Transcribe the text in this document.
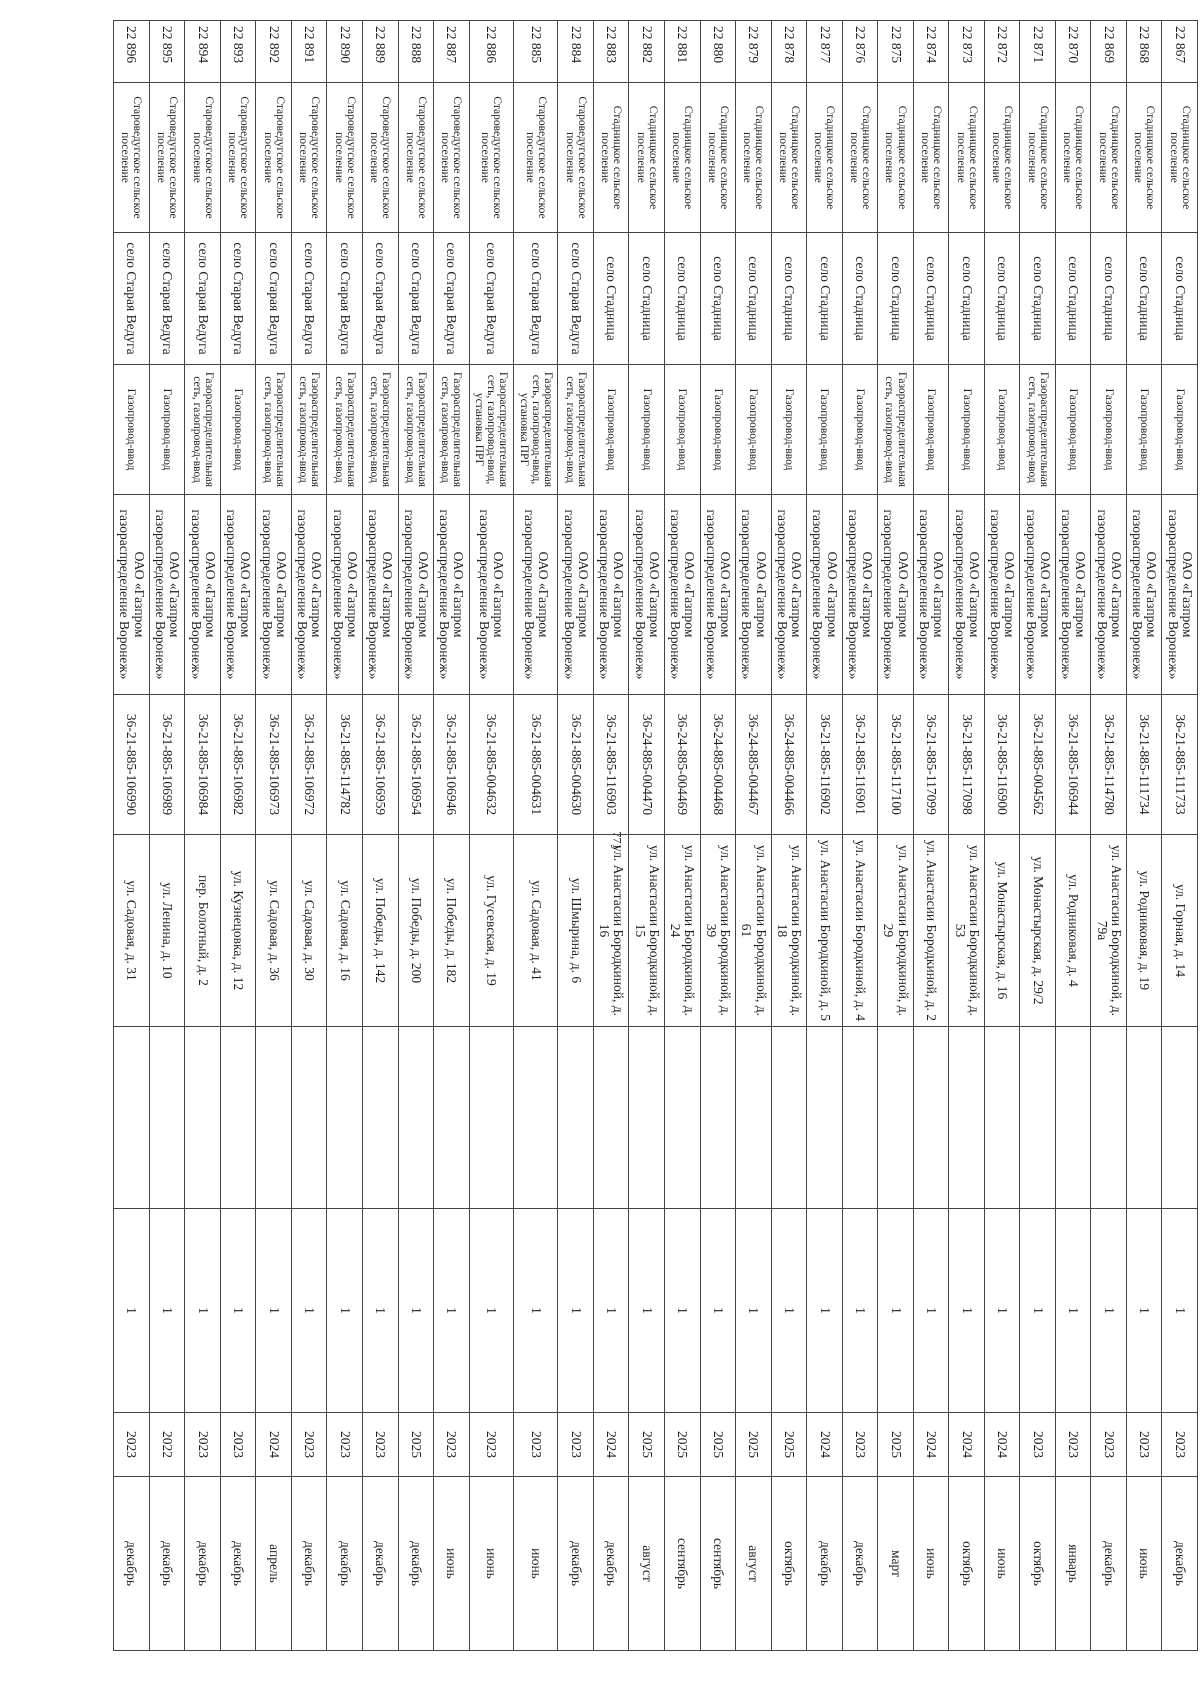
771
22 867	Стадницкое сельское поселение	село Стадница	Газопровод-ввод	ОАО «Газпром газораспределение Воронеж»	36-21-885-111733	ул. Горная, д. 14		1	2023	декабрь
22 868	Стадницкое сельское поселение	село Стадница	Газопровод-ввод	ОАО «Газпром газораспределение Воронеж»	36-21-885-111734	ул. Родниковая, д. 19		1	2023	июнь
22 869	Стадницкое сельское поселение	село Стадница	Газопровод-ввод	ОАО «Газпром газораспределение Воронеж»	36-21-885-114780	ул. Анастасии Бородкиной, д. 79а		1	2023	декабрь
22 870	Стадницкое сельское поселение	село Стадница	Газопровод-ввод	ОАО «Газпром газораспределение Воронеж»	36-21-885-106944	ул. Родниковая, д. 4		1	2023	январь
22 871	Стадницкое сельское поселение	село Стадница	Газораспределительная сеть, газопровод-ввод	ОАО «Газпром газораспределение Воронеж»	36-21-885-004562	ул. Монастырская, д. 29/2		1	2023	октябрь
22 872	Стадницкое сельское поселение	село Стадница	Газопровод-ввод	ОАО «Газпром газораспределение Воронеж»	36-21-885-116900	ул. Монастырская, д. 16		1	2024	июнь
22 873	Стадницкое сельское поселение	село Стадница	Газопровод-ввод	ОАО «Газпром газораспределение Воронеж»	36-21-885-117098	ул. Анастасии Бородкиной, д. 53		1	2024	октябрь
22 874	Стадницкое сельское поселение	село Стадница	Газопровод-ввод	ОАО «Газпром газораспределение Воронеж»	36-21-885-117099	ул. Анастасии Бородкиной, д. 2		1	2024	июнь
22 875	Стадницкое сельское поселение	село Стадница	Газораспределительная сеть, газопровод-ввод	ОАО «Газпром газораспределение Воронеж»	36-21-885-117100	ул. Анастасии Бородкиной, д. 29		1	2025	март
22 876	Стадницкое сельское поселение	село Стадница	Газопровод-ввод	ОАО «Газпром газораспределение Воронеж»	36-21-885-116901	ул. Анастасии Бородкиной, д. 4		1	2023	декабрь
22 877	Стадницкое сельское поселение	село Стадница	Газопровод-ввод	ОАО «Газпром газораспределение Воронеж»	36-21-885-116902	ул. Анастасии Бородкиной, д. 5		1	2024	декабрь
22 878	Стадницкое сельское поселение	село Стадница	Газопровод-ввод	ОАО «Газпром газораспределение Воронеж»	36-24-885-004466	ул. Анастасии Бородкиной, д. 18		1	2025	октябрь
22 879	Стадницкое сельское поселение	село Стадница	Газопровод-ввод	ОАО «Газпром газораспределение Воронеж»	36-24-885-004467	ул. Анастасии Бородкиной, д. 61		1	2025	август
22 880	Стадницкое сельское поселение	село Стадница	Газопровод-ввод	ОАО «Газпром газораспределение Воронеж»	36-24-885-004468	ул. Анастасии Бородкиной, д. 39		1	2025	сентябрь
22 881	Стадницкое сельское поселение	село Стадница	Газопровод-ввод	ОАО «Газпром газораспределение Воронеж»	36-24-885-004469	ул. Анастасии Бородкиной, д. 24		1	2025	сентябрь
22 882	Стадницкое сельское поселение	село Стадница	Газопровод-ввод	ОАО «Газпром газораспределение Воронеж»	36-24-885-004470	ул. Анастасии Бородкиной, д. 15		1	2025	август
22 883	Стадницкое сельское поселение	село Стадница	Газопровод-ввод	ОАО «Газпром газораспределение Воронеж»	36-21-885-116903	ул. Анастасии Бородкиной, д. 16		1	2024	декабрь
22 884	Староведугское сельское поселение	село Старая Ведуга	Газораспределительная сеть, газопровод-ввод	ОАО «Газпром газораспределение Воронеж»	36-21-885-004630	ул. Шмырина, д. 6		1	2023	декабрь
22 885	Староведугское сельское поселение	село Старая Ведуга	Газораспределительная сеть, газопровод-ввод, установка ПРГ	ОАО «Газпром газораспределение Воронеж»	36-21-885-004631	ул. Садовая, д. 41		1	2023	июнь
22 886	Староведугское сельское поселение	село Старая Ведуга	Газораспределительная сеть, газопровод-ввод, установка ПРГ	ОАО «Газпром газораспределение Воронеж»	36-21-885-004632	ул. Гусевская, д. 19		1	2023	июнь
22 887	Староведугское сельское поселение	село Старая Ведуга	Газораспределительная сеть, газопровод-ввод	ОАО «Газпром газораспределение Воронеж»	36-21-885-106946	ул. Победы, д. 182		1	2023	июнь
22 888	Староведугское сельское поселение	село Старая Ведуга	Газораспределительная сеть, газопровод-ввод	ОАО «Газпром газораспределение Воронеж»	36-21-885-106954	ул. Победы, д. 200		1	2025	декабрь
22 889	Староведугское сельское поселение	село Старая Ведуга	Газораспределительная сеть, газопровод-ввод	ОАО «Газпром газораспределение Воронеж»	36-21-885-106959	ул. Победы, д. 142		1	2023	декабрь
22 890	Староведугское сельское поселение	село Старая Ведуга	Газораспределительная сеть, газопровод-ввод	ОАО «Газпром газораспределение Воронеж»	36-21-885-114782	ул. Садовая, д. 16		1	2023	декабрь
22 891	Староведугское сельское поселение	село Старая Ведуга	Газораспределительная сеть, газопровод-ввод	ОАО «Газпром газораспределение Воронеж»	36-21-885-106972	ул. Садовая, д. 30		1	2023	декабрь
22 892	Староведугское сельское поселение	село Старая Ведуга	Газораспределительная сеть, газопровод-ввод	ОАО «Газпром газораспределение Воронеж»	36-21-885-106973	ул. Садовая, д. 36		1	2024	апрель
22 893	Староведугское сельское поселение	село Старая Ведуга	Газопровод-ввод	ОАО «Газпром газораспределение Воронеж»	36-21-885-106982	ул. Кузнецовка, д. 12		1	2023	декабрь
22 894	Староведугское сельское поселение	село Старая Ведуга	Газораспределительная сеть, газопровод-ввод	ОАО «Газпром газораспределение Воронеж»	36-21-885-106984	пер. Болотный, д. 2		1	2023	декабрь
22 895	Староведугское сельское поселение	село Старая Ведуга	Газопровод-ввод	ОАО «Газпром газораспределение Воронеж»	36-21-885-106989	ул. Ленина, д. 10		1	2022	декабрь
22 896	Староведугское сельское поселение	село Старая Ведуга	Газопровод-ввод	ОАО «Газпром газораспределение Воронеж»	36-21-885-106990	ул. Садовая, д. 31		1	2023	декабрь
